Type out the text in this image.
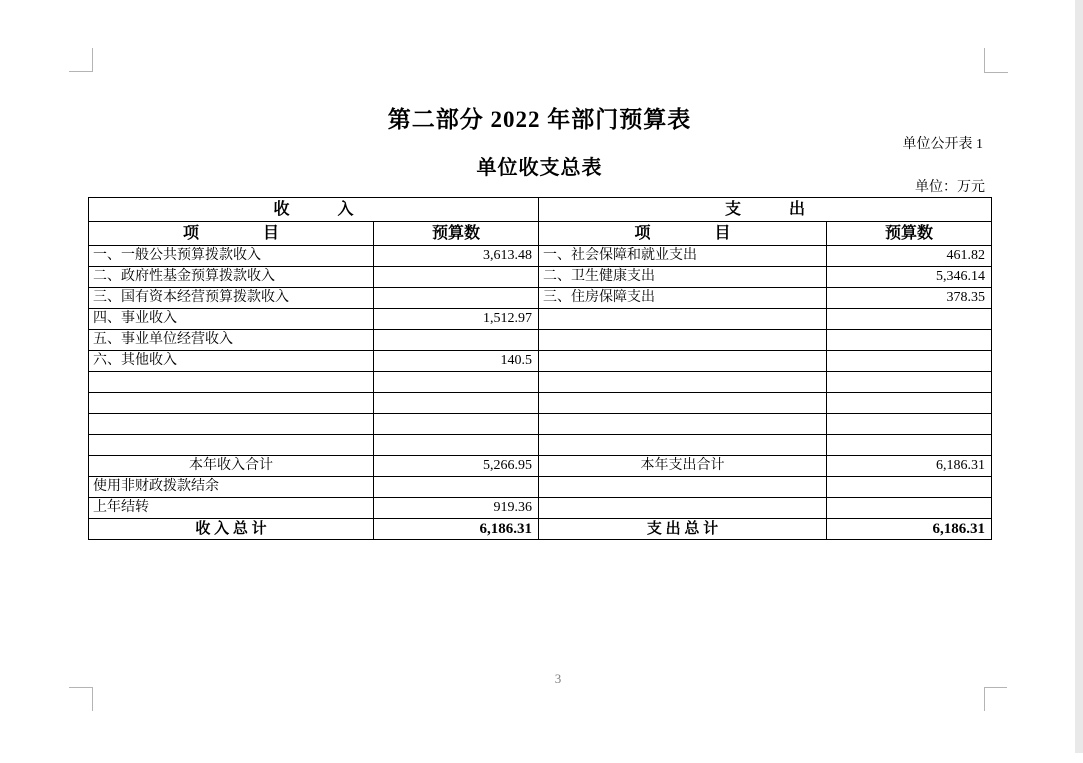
第二部分 2022 年部门预算表
单位公开表 1
单位收支总表
单位：万元
收　　　入		支　　　出	
项　　　　目	预算数	项　　　　目	预算数
一、一般公共预算拨款收入	3,613.48	一、社会保障和就业支出	461.82
二、政府性基金预算拨款收入		二、卫生健康支出	5,346.14
三、国有资本经营预算拨款收入		三、住房保障支出	378.35
四、事业收入	1,512.97		
五、事业单位经营收入			
六、其他收入	140.5		

本年收入合计	5,266.95	本年支出合计	6,186.31
使用非财政拨款结余			
上年结转	919.36		
收 入 总 计	6,186.31	支 出 总 计	6,186.31
3
